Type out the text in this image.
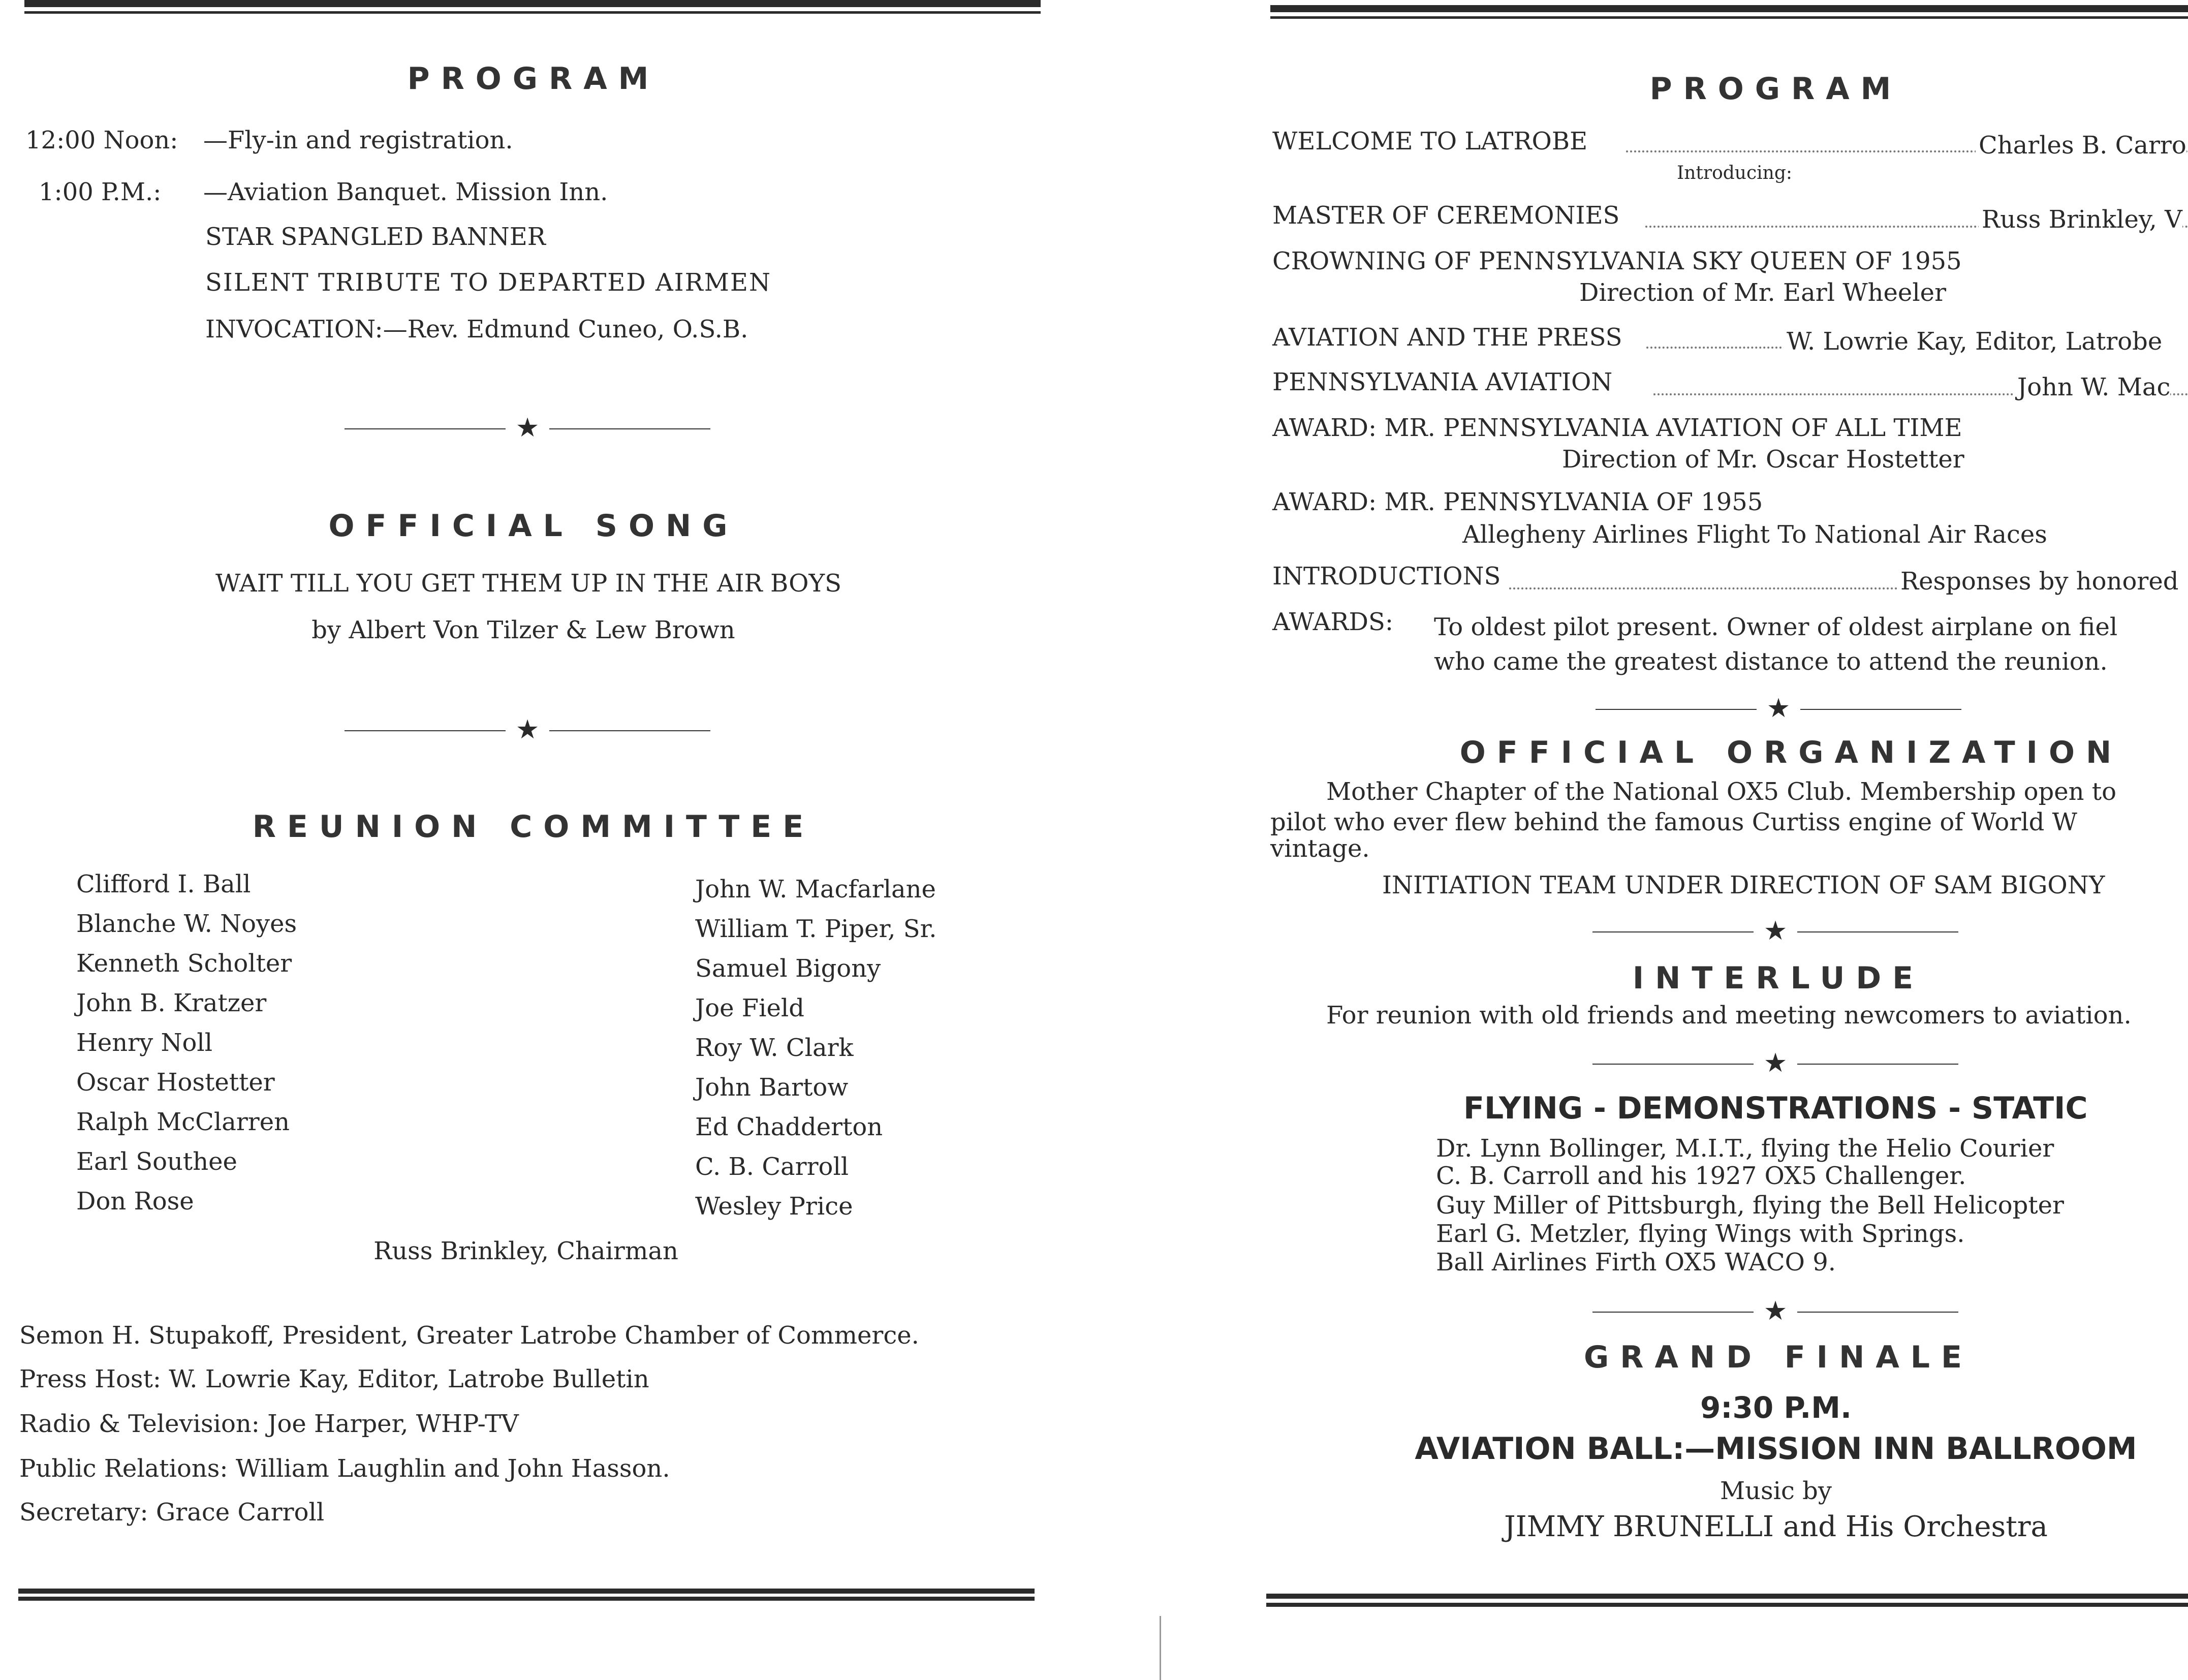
PROGRAM
12:00 Noon: —Fly-in and registration.
1:00 P.M.: —Aviation Banquet. Mission Inn.
STAR SPANGLED BANNER
SILENT TRIBUTE TO DEPARTED AIRMEN
INVOCATION:—Rev. Edmund Cuneo, O.S.B.
★
OFFICIAL SONG
WAIT TILL YOU GET THEM UP IN THE AIR BOYS
by Albert Von Tilzer & Lew Brown
★
REUNION COMMITTEE
Clifford I. Ball
Blanche W. Noyes
Kenneth Scholter
John B. Kratzer
Henry Noll
Oscar Hostetter
Ralph McClarren
Earl Southee
Don Rose
John W. Macfarlane
William T. Piper, Sr.
Samuel Bigony
Joe Field
Roy W. Clark
John Bartow
Ed Chadderton
C. B. Carroll
Wesley Price
Russ Brinkley, Chairman
Semon H. Stupakoff, President, Greater Latrobe Chamber of Commerce.
Press Host: W. Lowrie Kay, Editor, Latrobe Bulletin
Radio & Television: Joe Harper, WHP-TV
Public Relations: William Laughlin and John Hasson.
Secretary: Grace Carroll
PROGRAM
WELCOME TO LATROBE	Charles B. Carro
Introducing:
MASTER OF CEREMONIES	Russ Brinkley, V
CROWNING OF PENNSYLVANIA SKY QUEEN OF 1955
Direction of Mr. Earl Wheeler
AVIATION AND THE PRESS	W. Lowrie Kay, Editor, Latrobe
PENNSYLVANIA AVIATION	John W. Mac
AWARD: MR. PENNSYLVANIA AVIATION OF ALL TIME
Direction of Mr. Oscar Hostetter
AWARD: MR. PENNSYLVANIA OF 1955
Allegheny Airlines Flight To National Air Races
INTRODUCTIONS	Responses by honored
AWARDS: To oldest pilot present. Owner of oldest airplane on fiel
who came the greatest distance to attend the reunion.
★
OFFICIAL ORGANIZATION
Mother Chapter of the National OX5 Club. Membership open to
pilot who ever flew behind the famous Curtiss engine of World W
vintage.
INITIATION TEAM UNDER DIRECTION OF SAM BIGONY
★
INTERLUDE
For reunion with old friends and meeting newcomers to aviation.
★
FLYING - DEMONSTRATIONS - STATIC
Dr. Lynn Bollinger, M.I.T., flying the Helio Courier
C. B. Carroll and his 1927 OX5 Challenger.
Guy Miller of Pittsburgh, flying the Bell Helicopter
Earl G. Metzler, flying Wings with Springs.
Ball Airlines Firth OX5 WACO 9.
★
GRAND FINALE
9:30 P.M.
AVIATION BALL:—MISSION INN BALLROOM
Music by
JIMMY BRUNELLI and His Orchestra
